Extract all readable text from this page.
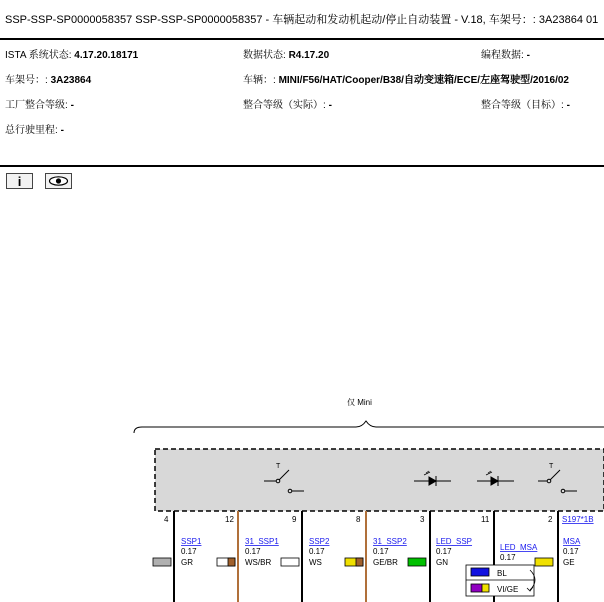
SSP-SSP-SP0000058357 SSP-SSP-SP0000058357 - 车辆起动和发动机起动/停止自动装置 - V.18, 车架号：: 3A23864 01
ISTA 系统状态: 4.17.20.18171	数据状态: R4.17.20	编程数据: -
车架号：: 3A23864	车辆：: MINI/F56/HAT/Cooper/B38/自动变速箱/ECE/左座驾驶型/2016/02
工厂整合等级: -	整合等级（实际）: -	整合等级（目标）: -
总行驶里程: -
i
仅 Mini
T	T
4	12	9	8	3	11	2 S197*1B
SSP1
0.17
GR
31_SSP1
0.17
WS/BR
SSP2
0.17
WS
31_SSP2
0.17
GE/BR
LED_SSP
0.17
GN
LED_MSA
0.17
BL
VI/GE
MSA
0.17
GE
